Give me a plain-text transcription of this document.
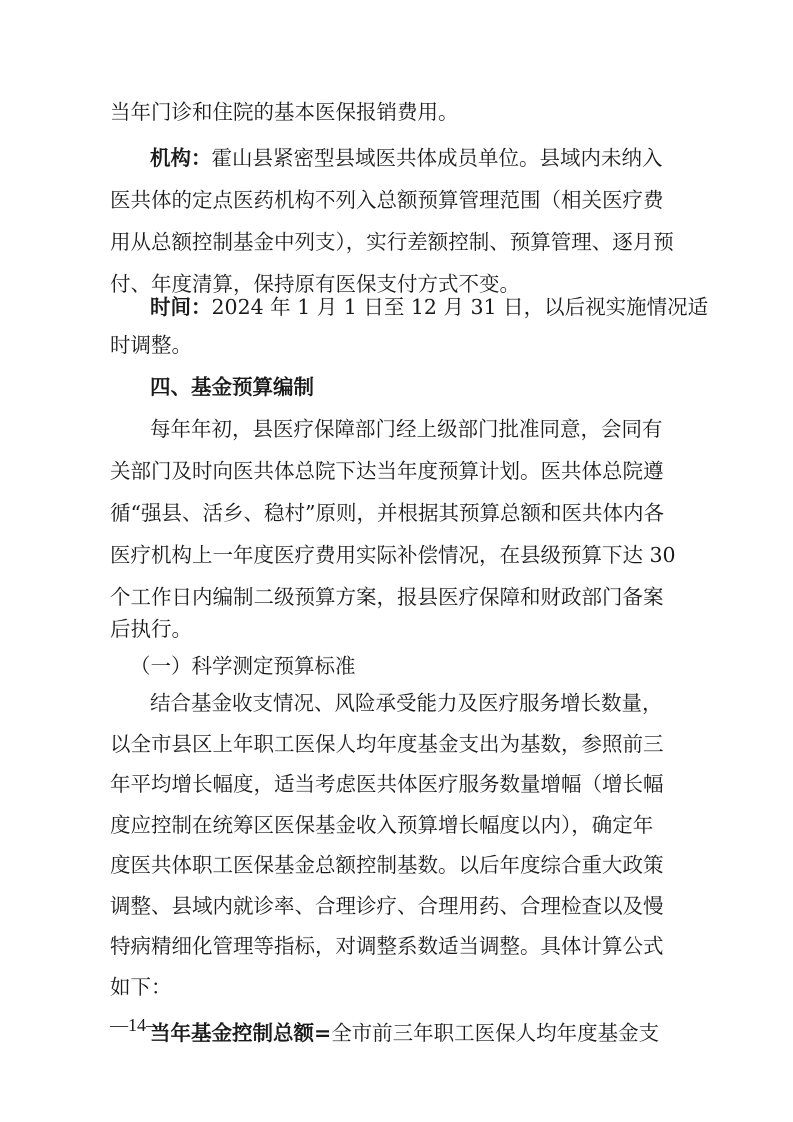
当年门诊和住院的基本医保报销费用。
机构： 霍山县紧密型县域医共体成员单位。县域内未纳入
医共体的定点医药机构不列入总额预算管理范围（相关医疗费
用从总额控制基金中列支），实行差额控制、预算管理、逐月预
付、年度清算，保持原有医保支付方式不变。
时间： 2024 年 1 月 1 日至 12 月 31 日，以后视实施情况适
时调整。
四、基金预算编制
每年年初，县医疗保障部门经上级部门批准同意，会同有
关部门及时向医共体总院下达当年度预算计划。医共体总院遵
循“强县、活乡、稳村”原则，并根据其预算总额和医共体内各
医疗机构上一年度医疗费用实际补偿情况，在县级预算下达 30
个工作日内编制二级预算方案，报县医疗保障和财政部门备案
后执行。
（一）科学测定预算标准
结合基金收支情况、风险承受能力及医疗服务增长数量，
以全市县区上年职工医保人均年度基金支出为基数，参照前三
年平均增长幅度，适当考虑医共体医疗服务数量增幅（增长幅
度应控制在统筹区医保基金收入预算增长幅度以内），确定年
度医共体职工医保基金总额控制基数。以后年度综合重大政策
调整、县域内就诊率、合理诊疗、合理用药、合理检查以及慢
特病精细化管理等指标，对调整系数适当调整。具体计算公式
如下：
当年基金控制总额= 全市前三年职工医保人均年度基金支
—14—
